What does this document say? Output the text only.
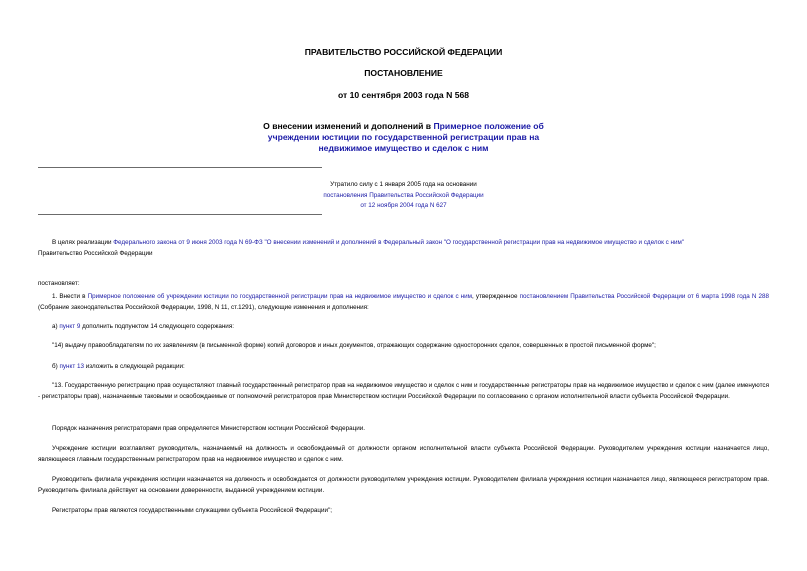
ПРАВИТЕЛЬСТВО РОССИЙСКОЙ ФЕДЕРАЦИИ
ПОСТАНОВЛЕНИЕ
от 10 сентября 2003 года N 568
О внесении изменений и дополнений в Примерное положение об
учреждении юстиции по государственной регистрации прав на
недвижимое имущество и сделок с ним
Утратило силу с 1 января 2005 года на основании
постановления Правительства Российской Федерации
от 12 ноября 2004 года N 627
В целях реализации Федерального закона от 9 июня 2003 года N 69-ФЗ "О внесении изменений и дополнений в Федеральный закон "О государственной регистрации прав на недвижимое имущество и сделок с ним"
Правительство Российской Федерации
постановляет:
1. Внести в Примерное положение об учреждении юстиции по государственной регистрации прав на недвижимое имущество и сделок с ним, утвержденное постановлением Правительства Российской Федерации от 6 марта 1998 года N 288 (Собрание законодательства Российской Федерации, 1998, N 11, ст.1291), следующие изменения и дополнения:
а) пункт 9 дополнить подпунктом 14 следующего содержания:
"14) выдачу правообладателям по их заявлениям (в письменной форме) копий договоров и иных документов, отражающих содержание односторонних сделок, совершенных в простой письменной форме";
б) пункт 13 изложить в следующей редакции:
"13. Государственную регистрацию прав осуществляют главный государственный регистратор прав на недвижимое имущество и сделок с ним и государственные регистраторы прав на недвижимое имущество и сделок с ним (далее именуются - регистраторы прав), назначаемые таковыми и освобождаемые от полномочий регистраторов прав Министерством юстиции Российской Федерации по согласованию с органом исполнительной власти субъекта Российской Федерации.
Порядок назначения регистраторами прав определяется Министерством юстиции Российской Федерации.
Учреждение юстиции возглавляет руководитель, назначаемый на должность и освобождаемый от должности органом исполнительной власти субъекта Российской Федерации. Руководителем учреждения юстиции назначается лицо, являющееся главным государственным регистратором прав на недвижимое имущество и сделок с ним.
Руководитель филиала учреждения юстиции назначается на должность и освобождается от должности руководителем учреждения юстиции. Руководителем филиала учреждения юстиции назначается лицо, являющееся регистратором прав. Руководитель филиала действует на основании доверенности, выданной учреждением юстиции.
Регистраторы прав являются государственными служащими субъекта Российской Федерации";
